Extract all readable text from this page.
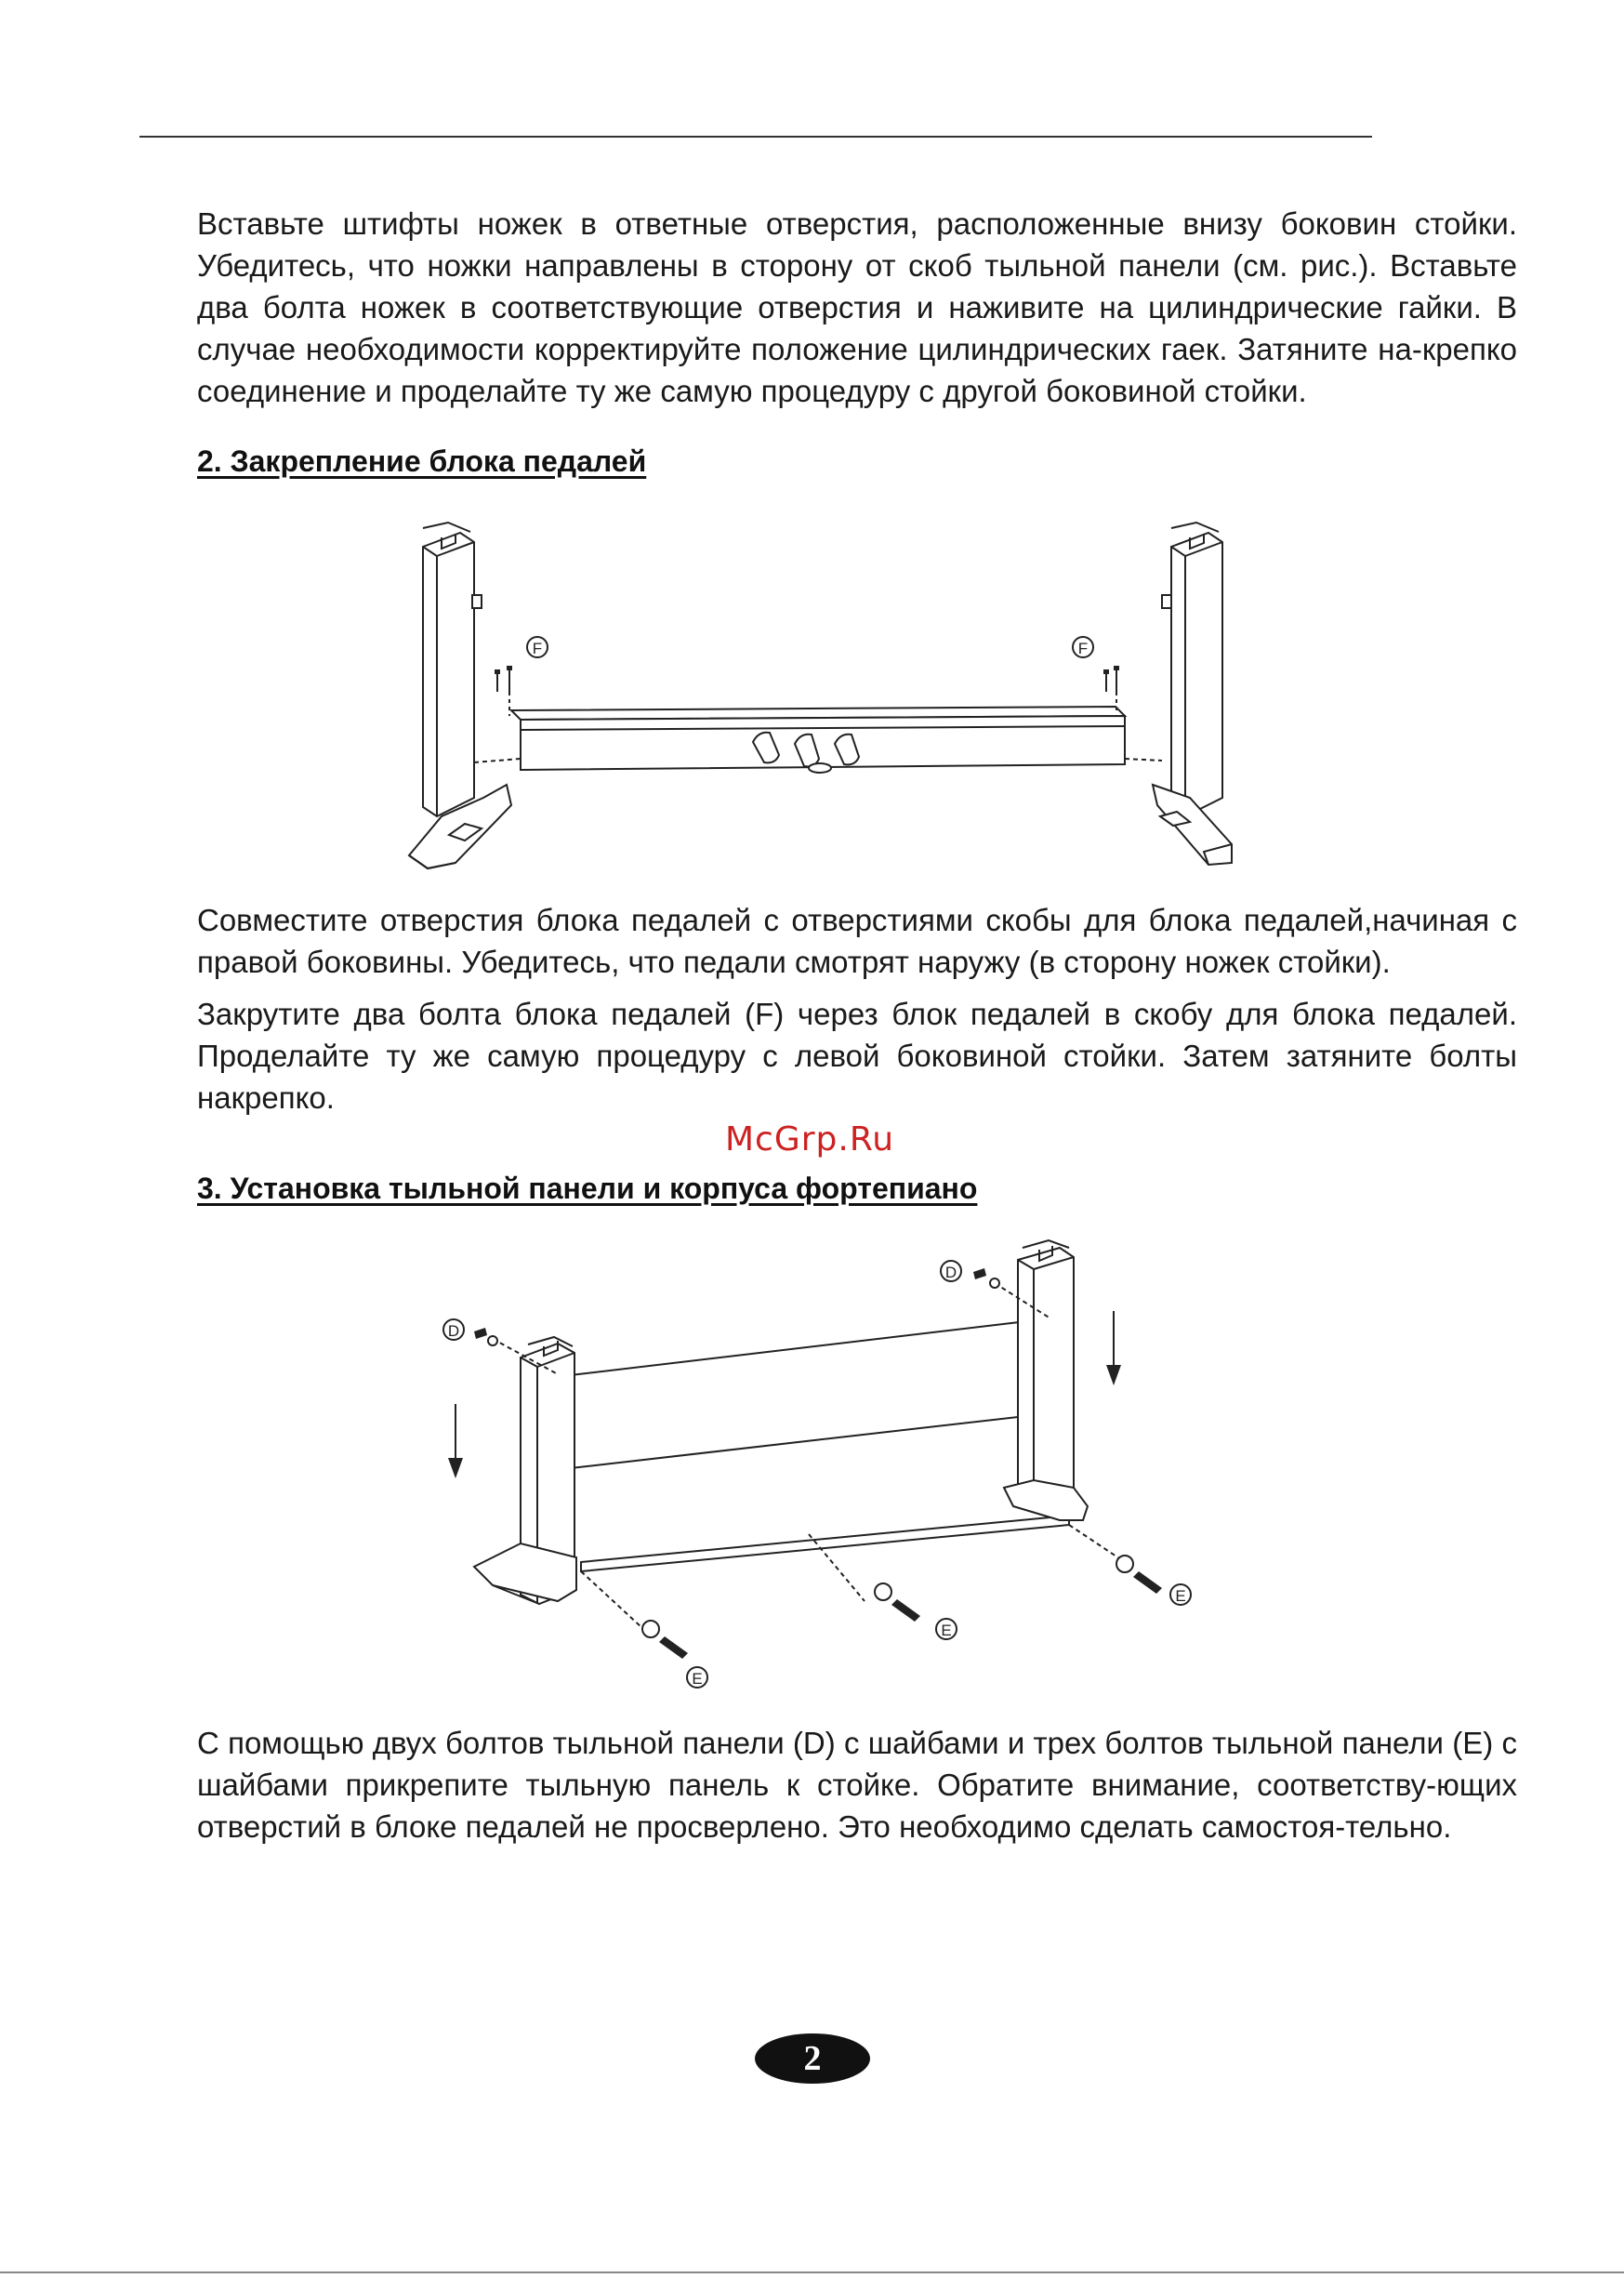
Вставьте штифты ножек в ответные отверстия, расположенные внизу боковин стойки. Убедитесь, что ножки направлены в сторону от скоб тыльной панели (см. рис.). Вставьте два болта ножек в соответствующие отверстия и наживите на цилиндрические гайки. В случае необходимости корректируйте положение цилиндрических гаек. Затяните на-крепко соединение и проделайте ту же самую процедуру с другой боковиной стойки.

2. Закрепление блока педалей
F	F

Совместите отверстия блока педалей с отверстиями скобы для блока педалей,начиная с правой боковины. Убедитесь, что педали смотрят наружу (в сторону ножек стойки).

Закрутите два болта блока педалей (F) через блок педалей в скобу для блока педалей. Проделайте ту же самую процедуру с левой боковиной стойки. Затем затяните болты накрепко.

McGrp.Ru
3. Установка тыльной панели и корпуса фортепиано
D
D
E
E
E

С помощью двух болтов тыльной панели (D) с шайбами и трех болтов тыльной панели (E) с шайбами прикрепите тыльную панель к стойке. Обратите внимание, соответству-ющих отверстий в блоке педалей не просверлено. Это необходимо сделать самостоя-тельно.

2
